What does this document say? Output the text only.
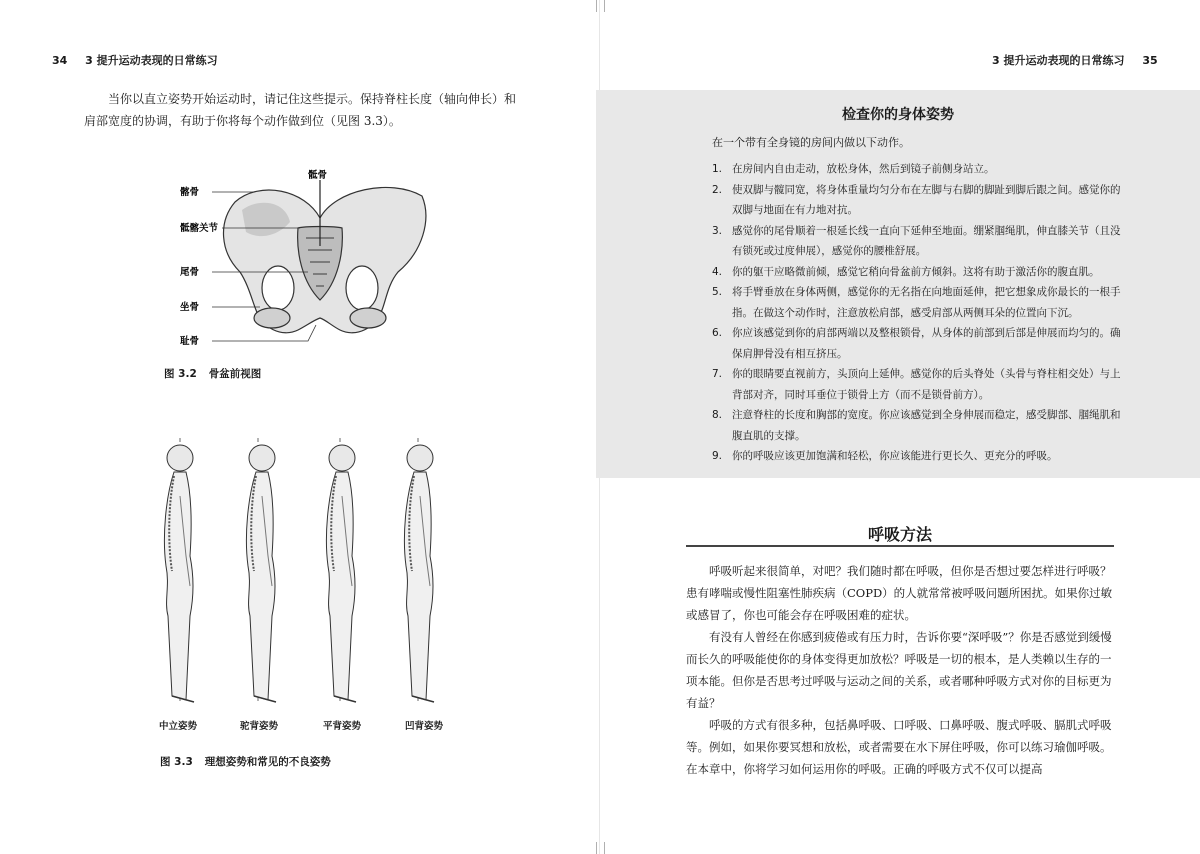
34 3 提升运动表现的日常练习

当你以直立姿势开始运动时，请记住这些提示。保持脊柱长度（轴向伸长）和肩部宽度的协调，有助于你将每个动作做到位（见图 3.3）。

髂骨
骶骨
骶髂关节
尾骨
坐骨
耻骨
图 3.2 骨盆前视图
中立姿势	驼背姿势	平背姿势	凹背姿势
图 3.3 理想姿势和常见的不良姿势
3 提升运动表现的日常练习 35
检查你的身体姿势
在一个带有全身镜的房间内做以下动作。
1. 在房间内自由走动，放松身体，然后到镜子前侧身站立。
2. 使双脚与髋同宽，将身体重量均匀分布在左脚与右脚的脚趾到脚后跟之间。感觉你的双脚与地面在有力地对抗。
3. 感觉你的尾骨顺着一根延长线一直向下延伸至地面。绷紧腘绳肌，伸直膝关节（且没有锁死或过度伸展），感觉你的腰椎舒展。
4. 你的躯干应略微前倾，感觉它稍向骨盆前方倾斜。这将有助于激活你的腹直肌。
5. 将手臂垂放在身体两侧，感觉你的无名指在向地面延伸，把它想象成你最长的一根手指。在做这个动作时，注意放松肩部，感受肩部从两侧耳朵的位置向下沉。
6. 你应该感觉到你的肩部两端以及整根锁骨，从身体的前部到后部是伸展而均匀的。确保肩胛骨没有相互挤压。
7. 你的眼睛要直视前方，头顶向上延伸。感觉你的后头脊处（头骨与脊柱相交处）与上背部对齐，同时耳垂位于锁骨上方（而不是锁骨前方）。
8. 注意脊柱的长度和胸部的宽度。你应该感觉到全身伸展而稳定，感受脚部、腘绳肌和腹直肌的支撑。
9. 你的呼吸应该更加饱满和轻松，你应该能进行更长久、更充分的呼吸。
呼吸方法

呼吸听起来很简单，对吧？我们随时都在呼吸，但你是否想过要怎样进行呼吸？患有哮喘或慢性阻塞性肺疾病（COPD）的人就常常被呼吸问题所困扰。如果你过敏或感冒了，你也可能会存在呼吸困难的症状。

有没有人曾经在你感到疲倦或有压力时，告诉你要“深呼吸”？你是否感觉到缓慢而长久的呼吸能使你的身体变得更加放松？呼吸是一切的根本，是人类赖以生存的一项本能。但你是否思考过呼吸与运动之间的关系，或者哪种呼吸方式对你的目标更为有益？

呼吸的方式有很多种，包括鼻呼吸、口呼吸、口鼻呼吸、腹式呼吸、膈肌式呼吸等。例如，如果你要冥想和放松，或者需要在水下屏住呼吸，你可以练习瑜伽呼吸。在本章中，你将学习如何运用你的呼吸。正确的呼吸方式不仅可以提高
